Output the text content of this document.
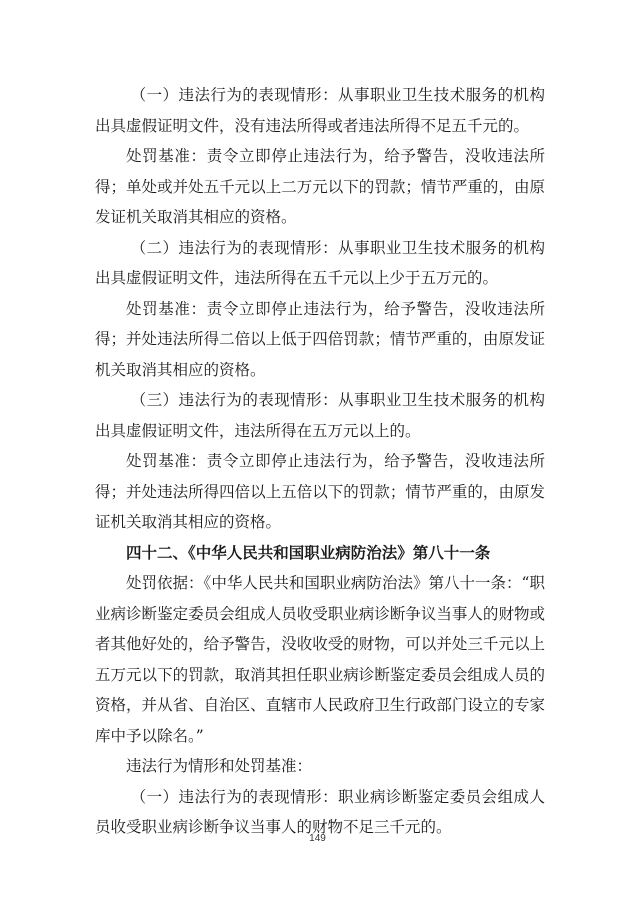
（一）违法行为的表现情形：从事职业卫生技术服务的机构出具虚假证明文件，没有违法所得或者违法所得不足五千元的。

处罚基准：责令立即停止违法行为，给予警告，没收违法所得；单处或并处五千元以上二万元以下的罚款；情节严重的，由原发证机关取消其相应的资格。

（二）违法行为的表现情形：从事职业卫生技术服务的机构出具虚假证明文件，违法所得在五千元以上少于五万元的。

处罚基准：责令立即停止违法行为，给予警告，没收违法所得；并处违法所得二倍以上低于四倍罚款；情节严重的，由原发证机关取消其相应的资格。

（三）违法行为的表现情形：从事职业卫生技术服务的机构出具虚假证明文件，违法所得在五万元以上的。

处罚基准：责令立即停止违法行为，给予警告，没收违法所得；并处违法所得四倍以上五倍以下的罚款；情节严重的，由原发证机关取消其相应的资格。

四十二、《中华人民共和国职业病防治法》第八十一条

处罚依据：《中华人民共和国职业病防治法》第八十一条：“职业病诊断鉴定委员会组成人员收受职业病诊断争议当事人的财物或者其他好处的，给予警告，没收收受的财物，可以并处三千元以上五万元以下的罚款，取消其担任职业病诊断鉴定委员会组成人员的资格，并从省、自治区、直辖市人民政府卫生行政部门设立的专家库中予以除名。”

违法行为情形和处罚基准：

（一）违法行为的表现情形：职业病诊断鉴定委员会组成人员收受职业病诊断争议当事人的财物不足三千元的。

149
